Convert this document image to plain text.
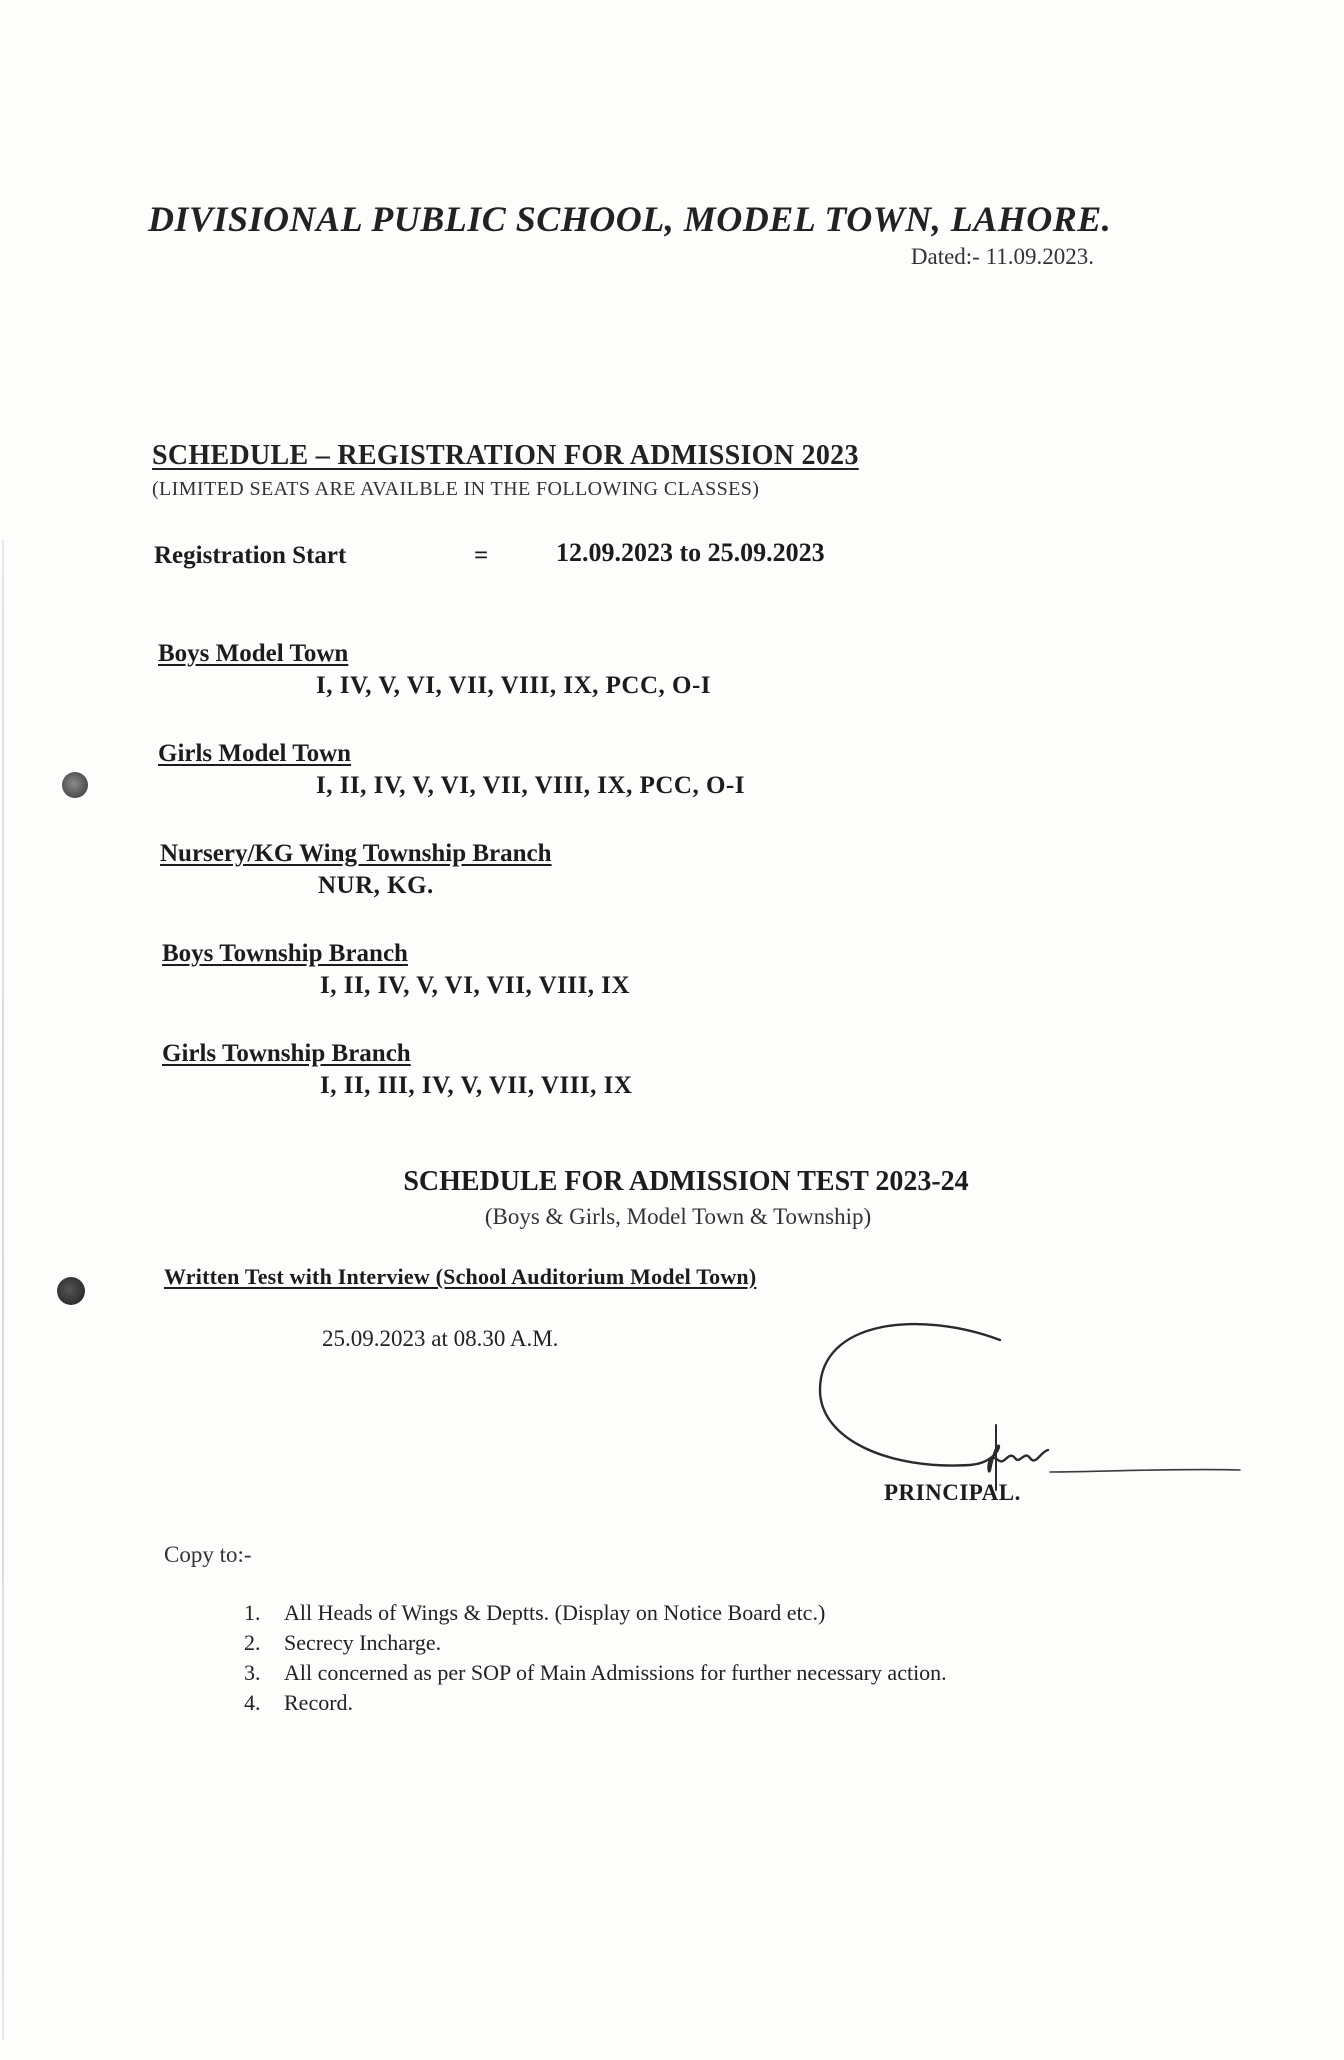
DIVISIONAL PUBLIC SCHOOL, MODEL TOWN, LAHORE.
Dated:- 11.09.2023.
SCHEDULE – REGISTRATION FOR ADMISSION 2023
(LIMITED SEATS ARE AVAILBLE IN THE FOLLOWING CLASSES)
Registration Start	=	12.09.2023 to 25.09.2023
Boys Model Town
I, IV, V, VI, VII, VIII, IX, PCC, O-I
Girls Model Town
I, II, IV, V, VI, VII, VIII, IX, PCC, O-I
Nursery/KG Wing Township Branch
NUR, KG.
Boys Township Branch
I, II, IV, V, VI, VII, VIII, IX
Girls Township Branch
I, II, III, IV, V, VII, VIII, IX
SCHEDULE FOR ADMISSION TEST 2023-24
(Boys & Girls, Model Town & Township)
Written Test with Interview (School Auditorium Model Town)
25.09.2023 at 08.30 A.M.
PRINCIPAL.
Copy to:-
1. All Heads of Wings & Deptts. (Display on Notice Board etc.)
2. Secrecy Incharge.
3. All concerned as per SOP of Main Admissions for further necessary action.
4. Record.
